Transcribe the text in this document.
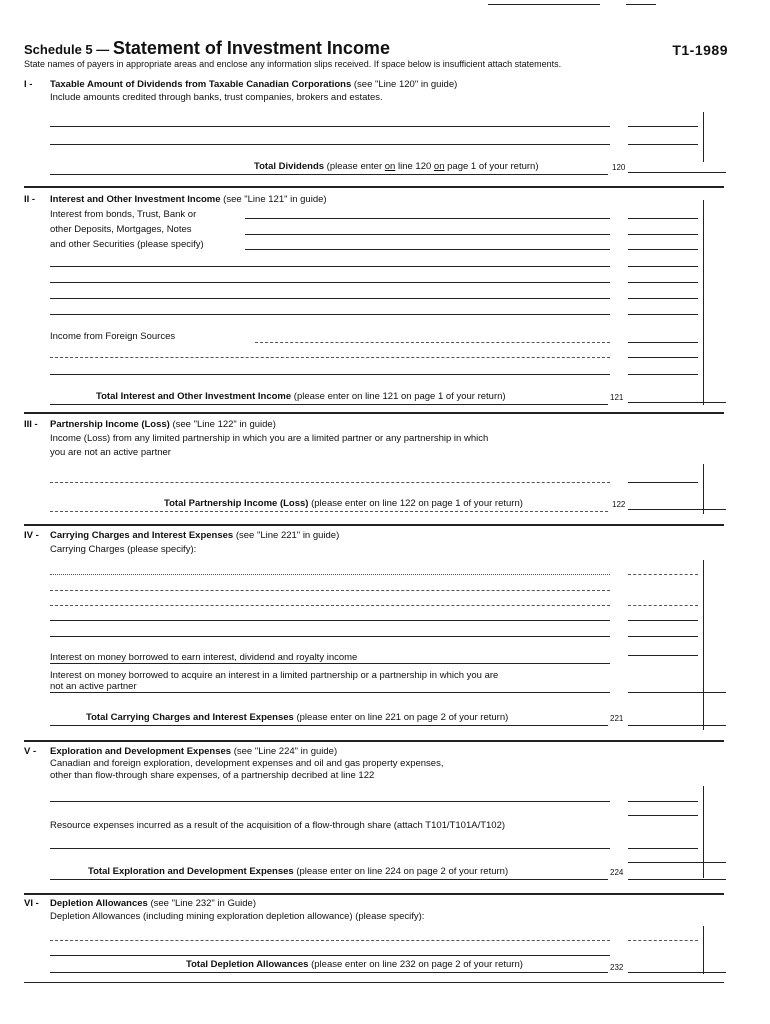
Schedule 5 — Statement of Investment Income	T1-1989
State names of payers in appropriate areas and enclose any information slips received. If space below is insufficient attach statements.
I - Taxable Amount of Dividends from Taxable Canadian Corporations (see "Line 120" in guide)
Include amounts credited through banks, trust companies, brokers and estates.
Total Dividends (please enter on line 120 on page 1 of your return)	120
II - Interest and Other Investment Income (see "Line 121" in guide)
Interest from bonds, Trust, Bank or
other Deposits, Mortgages, Notes
and other Securities (please specify)
Income from Foreign Sources
Total Interest and Other Investment Income (please enter on line 121 on page 1 of your return)	121
III - Partnership Income (Loss) (see "Line 122" in guide)
Income (Loss) from any limited partnership in which you are a limited partner or any partnership in which
you are not an active partner
Total Partnership Income (Loss) (please enter on line 122 on page 1 of your return)	122
IV - Carrying Charges and Interest Expenses (see "Line 221" in guide)
Carrying Charges (please specify):
Interest on money borrowed to earn interest, dividend and royalty income
Interest on money borrowed to acquire an interest in a limited partnership or a partnership in which you are
not an active partner
Total Carrying Charges and Interest Expenses (please enter on line 221 on page 2 of your return)	221
V - Exploration and Development Expenses (see "Line 224" in guide)
Canadian and foreign exploration, development expenses and oil and gas property expenses,
other than flow-through share expenses, of a partnership decribed at line 122
Resource expenses incurred as a result of the acquisition of a flow-through share (attach T101/T101A/T102)
Total Exploration and Development Expenses (please enter on line 224 on page 2 of your return)	224
VI - Depletion Allowances (see "Line 232" in Guide)
Depletion Allowances (including mining exploration depletion allowance) (please specify):
Total Depletion Allowances (please enter on line 232 on page 2 of your return)	232
